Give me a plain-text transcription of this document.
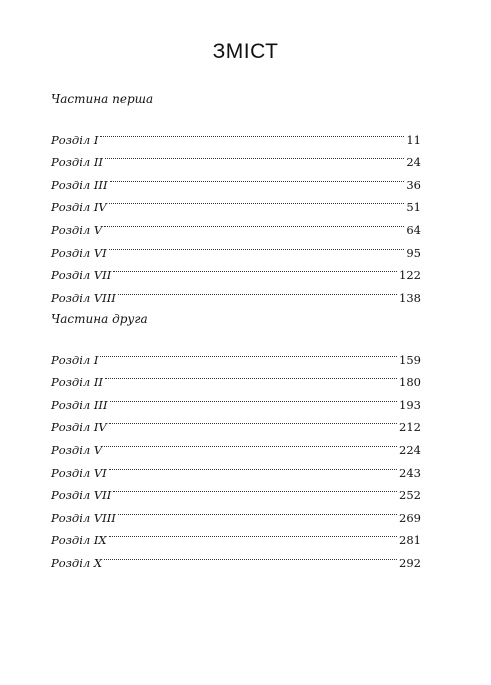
ЗМІСТ
Частина перша
Розділ I	11
Розділ II	24
Розділ III	36
Розділ IV	51
Розділ V	64
Розділ VI	95
Розділ VII	122
Розділ VIII	138
Частина друга
Розділ I	159
Розділ II	180
Розділ III	193
Розділ IV	212
Розділ V	224
Розділ VI	243
Розділ VII	252
Розділ VIII	269
Розділ IX	281
Розділ X	292
